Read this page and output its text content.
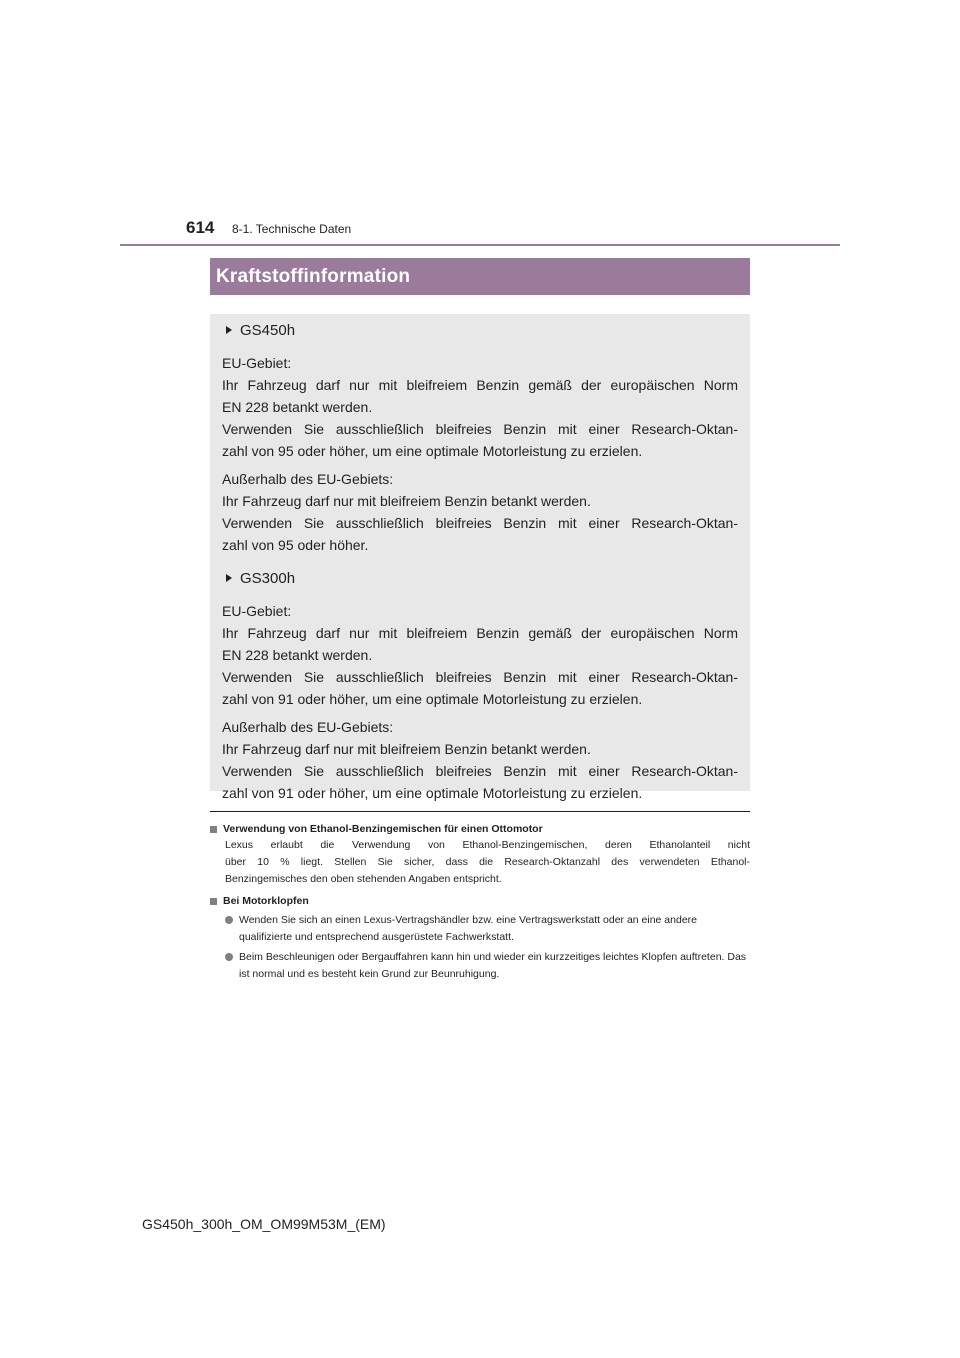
614 8-1. Technische Daten
Kraftstoffinformation
GS450h
EU-Gebiet:
Ihr Fahrzeug darf nur mit bleifreiem Benzin gemäß der europäischen Norm
EN 228 betankt werden.
Verwenden Sie ausschließlich bleifreies Benzin mit einer Research-Oktan-
zahl von 95 oder höher, um eine optimale Motorleistung zu erzielen.
Außerhalb des EU-Gebiets:
Ihr Fahrzeug darf nur mit bleifreiem Benzin betankt werden.
Verwenden Sie ausschließlich bleifreies Benzin mit einer Research-Oktan-
zahl von 95 oder höher.
GS300h
EU-Gebiet:
Ihr Fahrzeug darf nur mit bleifreiem Benzin gemäß der europäischen Norm
EN 228 betankt werden.
Verwenden Sie ausschließlich bleifreies Benzin mit einer Research-Oktan-
zahl von 91 oder höher, um eine optimale Motorleistung zu erzielen.
Außerhalb des EU-Gebiets:
Ihr Fahrzeug darf nur mit bleifreiem Benzin betankt werden.
Verwenden Sie ausschließlich bleifreies Benzin mit einer Research-Oktan-
zahl von 91 oder höher, um eine optimale Motorleistung zu erzielen.
Verwendung von Ethanol-Benzingemischen für einen Ottomotor
Lexus erlaubt die Verwendung von Ethanol-Benzingemischen, deren Ethanolanteil nicht
über 10 % liegt. Stellen Sie sicher, dass die Research-Oktanzahl des verwendeten Ethanol-
Benzingemisches den oben stehenden Angaben entspricht.
Bei Motorklopfen
Wenden Sie sich an einen Lexus-Vertragshändler bzw. eine Vertragswerkstatt oder an eine andere qualifizierte und entsprechend ausgerüstete Fachwerkstatt.
Beim Beschleunigen oder Bergauffahren kann hin und wieder ein kurzzeitiges leichtes Klopfen auftreten. Das ist normal und es besteht kein Grund zur Beunruhigung.
GS450h_300h_OM_OM99M53M_(EM)
